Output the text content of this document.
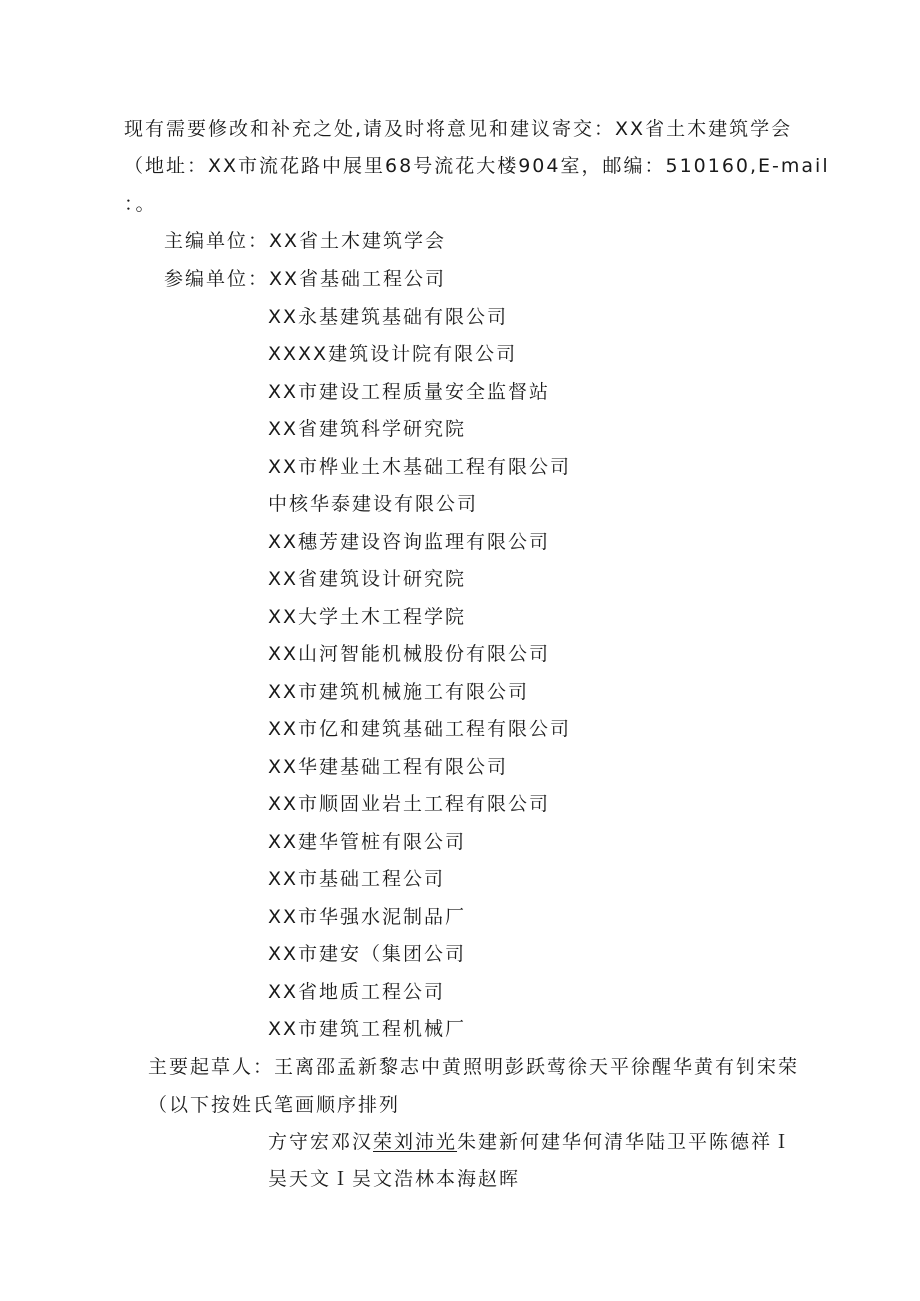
现有需要修改和补充之处,请及时将意见和建议寄交：XX省土木建筑学会
（地址：XX市流花路中展里68号流花大楼904室，邮编：510160,E-mail
：。
主编单位：XX省土木建筑学会
参编单位：XX省基础工程公司
XX永基建筑基础有限公司
XXXX建筑设计院有限公司
XX市建设工程质量安全监督站
XX省建筑科学研究院
XX市桦业土木基础工程有限公司
中核华泰建设有限公司
XX穗芳建设咨询监理有限公司
XX省建筑设计研究院
XX大学土木工程学院
XX山河智能机械股份有限公司
XX市建筑机械施工有限公司
XX市亿和建筑基础工程有限公司
XX华建基础工程有限公司
XX市顺固业岩土工程有限公司
XX建华管桩有限公司
XX市基础工程公司
XX市华强水泥制品厂
XX市建安（集团公司
XX省地质工程公司
XX市建筑工程机械厂
主要起草人：王离邵孟新黎志中黄照明彭跃莺徐天平徐醒华黄有钊宋荣
（以下按姓氏笔画顺序排列
方守宏邓汉荣刘沛光朱建新何建华何清华陆卫平陈德祥Ｉ
吴天文Ｉ吴文浩林本海赵晖
